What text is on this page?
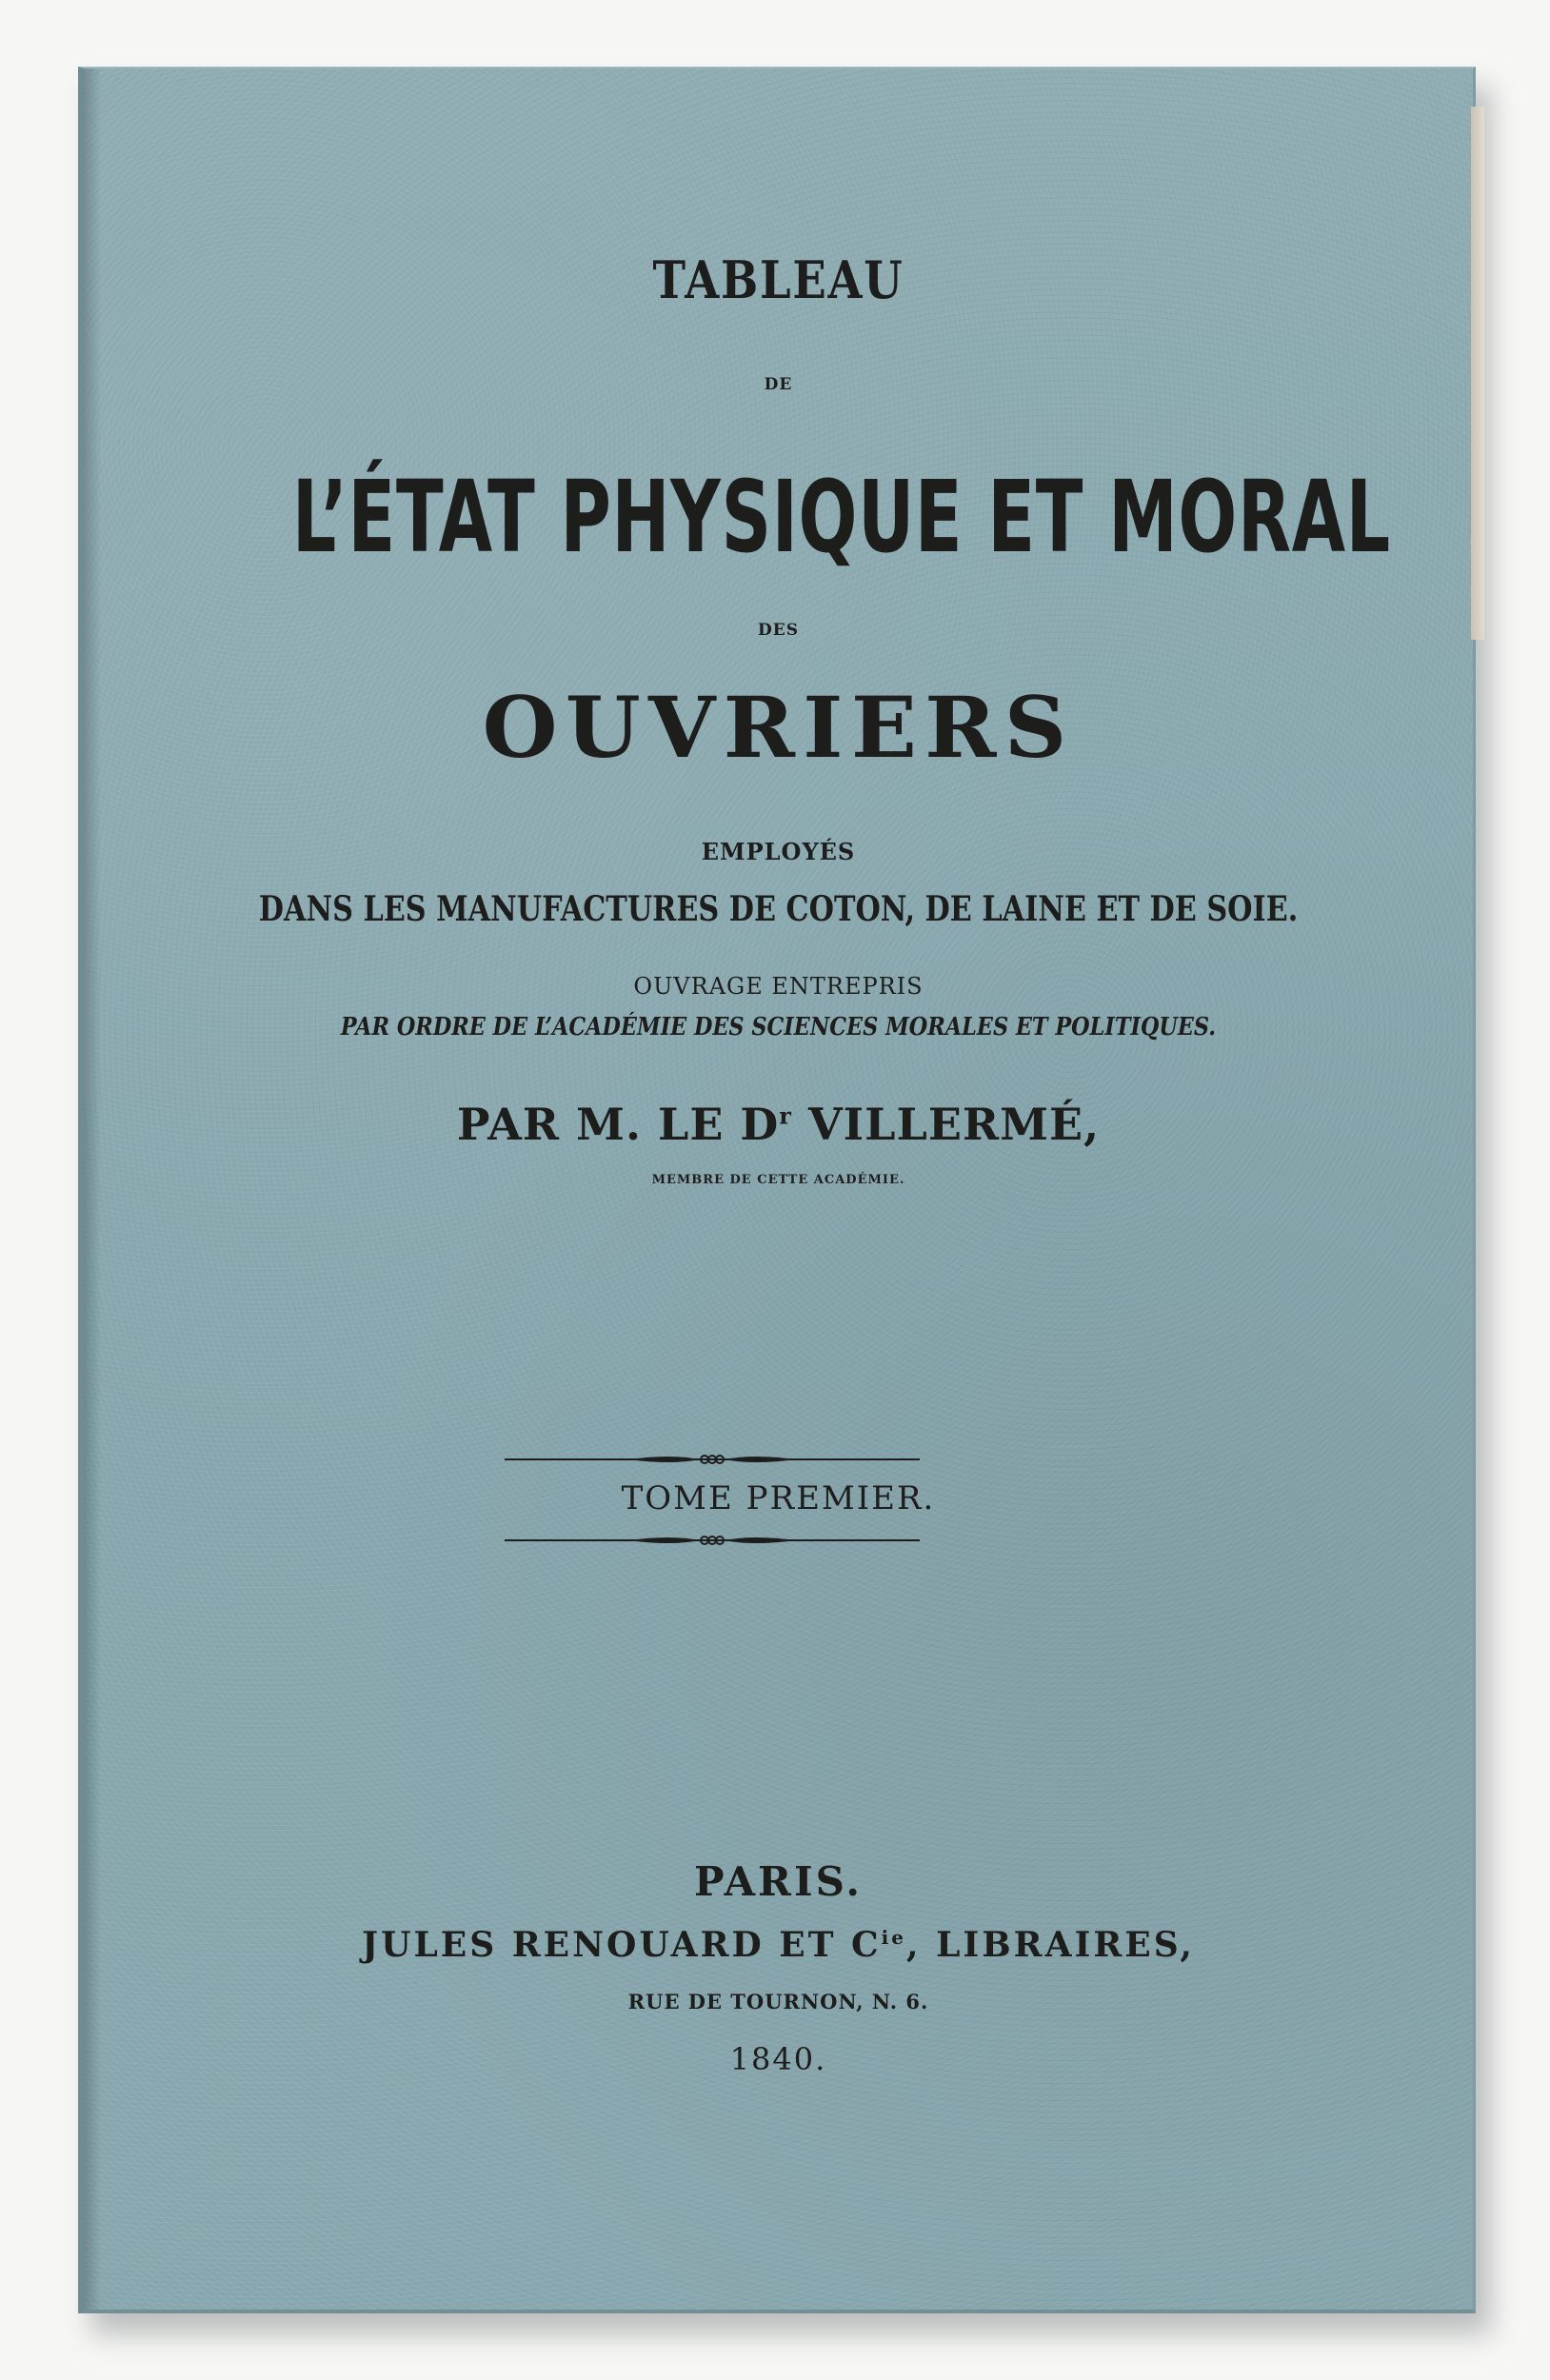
TABLEAU

DE

L’ÉTAT PHYSIQUE ET MORAL

DES

OUVRIERS

EMPLOYÉS

DANS LES MANUFACTURES DE COTON, DE LAINE ET DE SOIE.

OUVRAGE ENTREPRIS

PAR ORDRE DE L’ACADÉMIE DES SCIENCES MORALES ET POLITIQUES.

PAR M. LE $D^r$ VILLERMÉ,

MEMBRE DE CETTE ACADÉMIE.

TOME PREMIER.

PARIS.

JULES RENOUARD ET $C^{ie}$, LIBRAIRES,

RUE DE TOURNON, N. 6.

1840.
